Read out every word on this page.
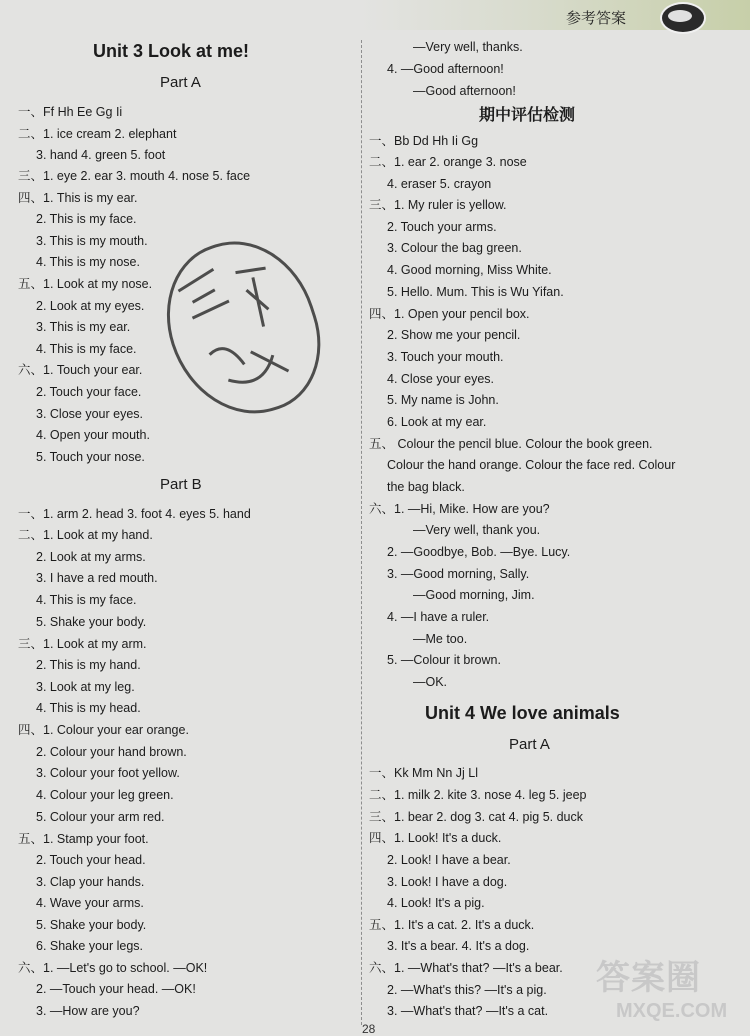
参考答案
Unit 3 Look at me!
Part A
一、Ff Hh Ee Gg Ii
二、1. ice cream 2. elephant
3. hand 4. green 5. foot
三、1. eye 2. ear 3. mouth 4. nose 5. face
四、1. This is my ear.
2. This is my face.
3. This is my mouth.
4. This is my nose.
五、1. Look at my nose.
2. Look at my eyes.
3. This is my ear.
4. This is my face.
六、1. Touch your ear.
2. Touch your face.
3. Close your eyes.
4. Open your mouth.
5. Touch your nose.
Part B
一、1. arm 2. head 3. foot 4. eyes 5. hand
二、1. Look at my hand.
2. Look at my arms.
3. I have a red mouth.
4. This is my face.
5. Shake your body.
三、1. Look at my arm.
2. This is my hand.
3. Look at my leg.
4. This is my head.
四、1. Colour your ear orange.
2. Colour your hand brown.
3. Colour your foot yellow.
4. Colour your leg green.
5. Colour your arm red.
五、1. Stamp your foot.
2. Touch your head.
3. Clap your hands.
4. Wave your arms.
5. Shake your body.
6. Shake your legs.
六、1. —Let's go to school. —OK!
2. —Touch your head. —OK!
3. —How are you?
—Very well, thanks.
4. —Good afternoon!
—Good afternoon!
期中评估检测
一、Bb Dd Hh Ii Gg
二、1. ear 2. orange 3. nose
4. eraser 5. crayon
三、1. My ruler is yellow.
2. Touch your arms.
3. Colour the bag green.
4. Good morning, Miss White.
5. Hello. Mum. This is Wu Yifan.
四、1. Open your pencil box.
2. Show me your pencil.
3. Touch your mouth.
4. Close your eyes.
5. My name is John.
6. Look at my ear.
五、 Colour the pencil blue. Colour the book green.
Colour the hand orange. Colour the face red. Colour
the bag black.
六、1. —Hi, Mike. How are you?
—Very well, thank you.
2. —Goodbye, Bob. —Bye. Lucy.
3. —Good morning, Sally.
—Good morning, Jim.
4. —I have a ruler.
—Me too.
5. —Colour it brown.
—OK.
Unit 4 We love animals
Part A
一、Kk Mm Nn Jj Ll
二、1. milk 2. kite 3. nose 4. leg 5. jeep
三、1. bear 2. dog 3. cat 4. pig 5. duck
四、1. Look! It's a duck.
2. Look! I have a bear.
3. Look! I have a dog.
4. Look! It's a pig.
五、1. It's a cat. 2. It's a duck.
3. It's a bear. 4. It's a dog.
六、1. —What's that? —It's a bear.
2. —What's this? —It's a pig.
3. —What's that? —It's a cat.
答案圈
MXQE.COM
28
